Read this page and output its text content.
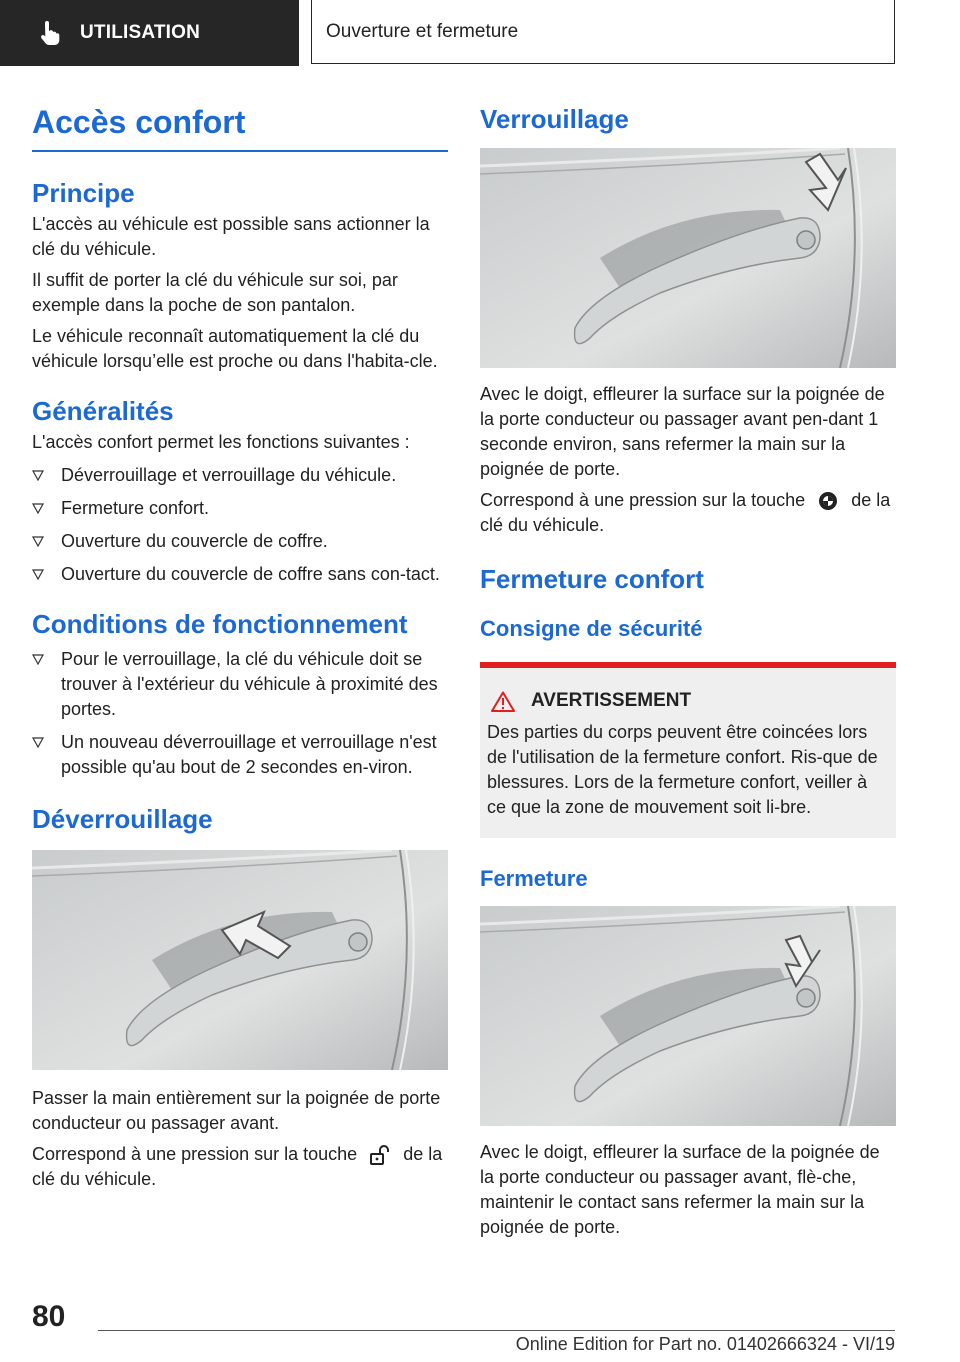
UTILISATION	Ouverture et fermeture
Accès confort
Principe

L'accès au véhicule est possible sans actionner la clé du véhicule.

Il suffit de porter la clé du véhicule sur soi, par exemple dans la poche de son pantalon.

Le véhicule reconnaît automatiquement la clé du véhicule lorsqu’elle est proche ou dans l'habita‐cle.

Généralités

L'accès confort permet les fonctions suivantes :

Déverrouillage et verrouillage du véhicule.
Fermeture confort.
Ouverture du couvercle de coffre.
Ouverture du couvercle de coffre sans con‐tact.
Conditions de fonctionnement
Pour le verrouillage, la clé du véhicule doit se trouver à l'extérieur du véhicule à proximité des portes.
Un nouveau déverrouillage et verrouillage n'est possible qu'au bout de 2 secondes en‐viron.
Déverrouillage

Passer la main entièrement sur la poignée de porte conducteur ou passager avant.

Correspond à une pression sur la touche	de la clé du véhicule.

Verrouillage

Avec le doigt, effleurer la surface sur la poignée de la porte conducteur ou passager avant pen‐dant 1 seconde environ, sans refermer la main sur la poignée de porte.

Correspond à une pression sur la touche	de la clé du véhicule.

Fermeture confort
Consigne de sécurité
AVERTISSEMENT

Des parties du corps peuvent être coincées lors de l'utilisation de la fermeture confort. Ris‐que de blessures. Lors de la fermeture confort, veiller à ce que la zone de mouvement soit li‐bre.

Fermeture

Avec le doigt, effleurer la surface de la poignée de la porte conducteur ou passager avant, flè‐che, maintenir le contact sans refermer la main sur la poignée de porte.

80
Online Edition for Part no. 01402666324 - VI/19
